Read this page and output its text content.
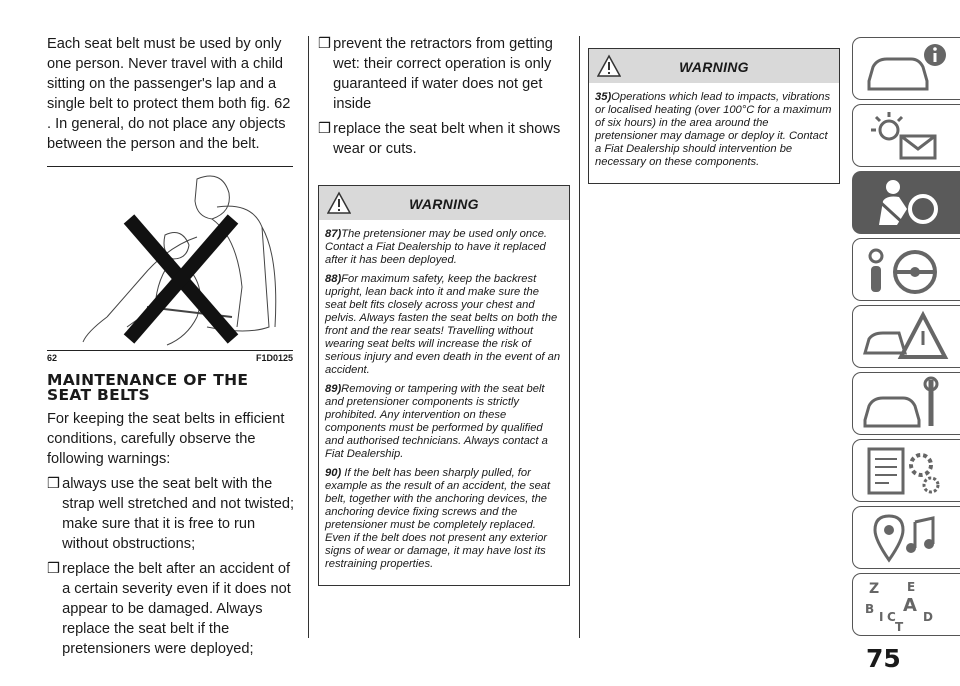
Each seat belt must be used by only one person. Never travel with a child sitting on the passenger's lap and a single belt to protect them both fig. 62 . In general, do not place any objects between the person and the belt.

62	F1D0125
MAINTENANCE OF THE
SEAT BELTS

For keeping the seat belts in efficient conditions, carefully observe the following warnings:

❒ always use the seat belt with the strap well stretched and not twisted; make sure that it is free to run without obstructions;
❒ replace the belt after an accident of a certain severity even if it does not appear to be damaged. Always replace the seat belt if the pretensioners were deployed;
❒ prevent the retractors from getting wet: their correct operation is only guaranteed if water does not get inside
❒ replace the seat belt when it shows wear or cuts.
WARNING

87)The pretensioner may be used only once. Contact a Fiat Dealership to have it replaced after it has been deployed.

88)For maximum safety, keep the backrest upright, lean back into it and make sure the seat belt fits closely across your chest and pelvis. Always fasten the seat belts on both the front and the rear seats! Travelling without wearing seat belts will increase the risk of serious injury and even death in the event of an accident.

89)Removing or tampering with the seat belt and pretensioner components is strictly prohibited. Any intervention on these components must be performed by qualified and authorised technicians. Always contact a Fiat Dealership.

90) If the belt has been sharply pulled, for example as the result of an accident, the seat belt, together with the anchoring devices, the anchoring device fixing screws and the pretensioner must be completely replaced. Even if the belt does not present any exterior signs of wear or damage, it may have lost its restraining properties.

WARNING

35)Operations which lead to impacts, vibrations or localised heating (over 100°C for a maximum of six hours) in the area around the pretensioner may damage or deploy it. Contact a Fiat Dealership should intervention be necessary on these components.

Z E
B A
I C D
T
75
